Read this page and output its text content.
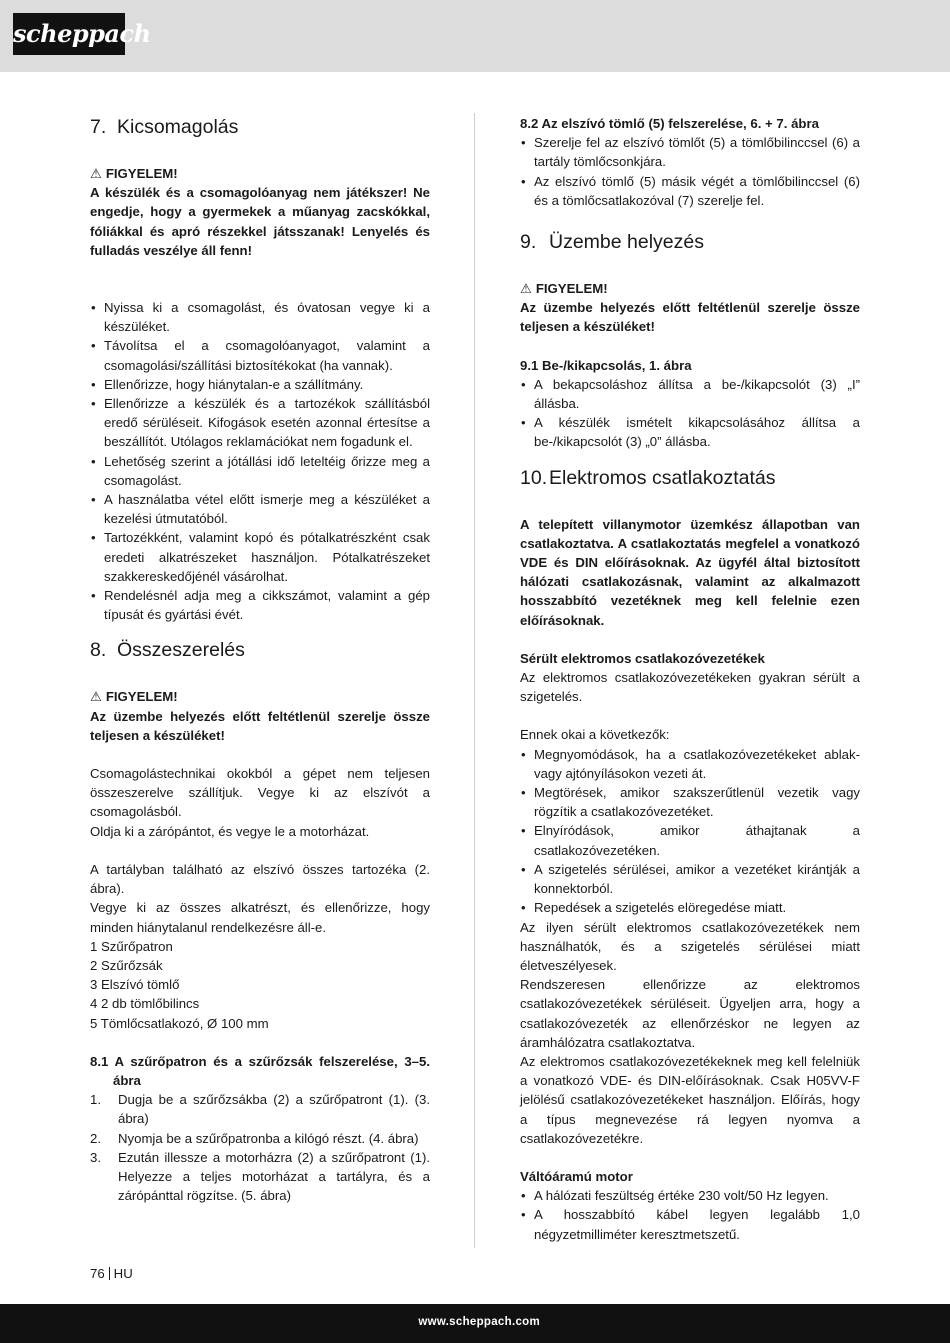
scheppach
7. Kicsomagolás

⚠ FIGYELEM!

A készülék és a csomagolóanyag nem játékszer! Ne engedje, hogy a gyermekek a műanyag zacskókkal, fóliákkal és apró részekkel játsszanak! Lenyelés és fulladás veszélye áll fenn!

• Nyissa ki a csomagolást, és óvatosan vegye ki a készüléket.
• Távolítsa el a csomagolóanyagot, valamint a csomagolási/szállítási biztosítékokat (ha vannak).
• Ellenőrizze, hogy hiánytalan-e a szállítmány.
• Ellenőrizze a készülék és a tartozékok szállításból eredő sérüléseit. Kifogások esetén azonnal értesítse a beszállítót. Utólagos reklamációkat nem fogadunk el.
• Lehetőség szerint a jótállási idő leteltéig őrizze meg a csomagolást.
• A használatba vétel előtt ismerje meg a készüléket a kezelési útmutatóból.
• Tartozékként, valamint kopó és pótalkatrészként csak eredeti alkatrészeket használjon. Pótalkatrészeket szakkereskedőjénél vásárolhat.
• Rendelésnél adja meg a cikkszámot, valamint a gép típusát és gyártási évét.
8. Összeszerelés

⚠ FIGYELEM!

Az üzembe helyezés előtt feltétlenül szerelje össze teljesen a készüléket!

Csomagolástechnikai okokból a gépet nem teljesen összeszerelve szállítjuk. Vegye ki az elszívót a csomagolásból.

Oldja ki a zárópántot, és vegye le a motorházat.

A tartályban található az elszívó összes tartozéka (2. ábra).

Vegye ki az összes alkatrészt, és ellenőrizze, hogy minden hiánytalanul rendelkezésre áll-e.

1 Szűrőpatron
2 Szűrőzsák
3 Elszívó tömlő
4 2 db tömlőbilincs
5 Tömlőcsatlakozó, Ø 100 mm

8.1 A szűrőpatron és a szűrőzsák felszerelése, 3–5. ábra

1. Dugja be a szűrőzsákba (2) a szűrőpatront (1). (3. ábra)
2. Nyomja be a szűrőpatronba a kilógó részt. (4. ábra)
3. Ezután illessze a motorházra (2) a szűrőpatront (1). Helyezze a teljes motorházat a tartályra, és a zárópánttal rögzítse. (5. ábra)

8.2 Az elszívó tömlő (5) felszerelése, 6. + 7. ábra

• Szerelje fel az elszívó tömlőt (5) a tömlőbilinccsel (6) a tartály tömlőcsonkjára.
• Az elszívó tömlő (5) másik végét a tömlőbilinccsel (6) és a tömlőcsatlakozóval (7) szerelje fel.
9. Üzembe helyezés

⚠ FIGYELEM!

Az üzembe helyezés előtt feltétlenül szerelje össze teljesen a készüléket!

9.1 Be-/kikapcsolás, 1. ábra

• A bekapcsoláshoz állítsa a be-/kikapcsolót (3) „I” állásba.
• A készülék ismételt kikapcsolásához állítsa a be-/kikapcsolót (3) „0” állásba.
10.Elektromos csatlakoztatás

A telepített villanymotor üzemkész állapotban van csatlakoztatva. A csatlakoztatás megfelel a vonatkozó VDE és DIN előírásoknak. Az ügyfél által biztosított hálózati csatlakozásnak, valamint az alkalmazott hosszabbító vezetéknek meg kell felelnie ezen előírásoknak.

Sérült elektromos csatlakozóvezetékek

Az elektromos csatlakozóvezetékeken gyakran sérült a szigetelés.

Ennek okai a következők:

• Megnyomódások, ha a csatlakozóvezetékeket ablak- vagy ajtónyílásokon vezeti át.
• Megtörések, amikor szakszerűtlenül vezetik vagy rögzítik a csatlakozóvezetéket.
• Elnyíródások, amikor áthajtanak a csatlakozóvezetéken.
• A szigetelés sérülései, amikor a vezetéket kirántják a konnektorból.
• Repedések a szigetelés elöregedése miatt.

Az ilyen sérült elektromos csatlakozóvezetékek nem használhatók, és a szigetelés sérülései miatt életveszélyesek.

Rendszeresen ellenőrizze az elektromos csatlakozóvezetékek sérüléseit. Ügyeljen arra, hogy a csatlakozóvezeték az ellenőrzéskor ne legyen az áramhálózatra csatlakoztatva.

Az elektromos csatlakozóvezetékeknek meg kell felelniük a vonatkozó VDE- és DIN-előírásoknak. Csak H05VV-F jelölésű csatlakozóvezetékeket használjon. Előírás, hogy a típus megnevezése rá legyen nyomva a csatlakozóvezetékre.

Váltóáramú motor

• A hálózati feszültség értéke 230 volt/50 Hz legyen.
• A hosszabbító kábel legyen legalább 1,0 négyzetmilliméter keresztmetszetű.
76 HU
www.scheppach.com
